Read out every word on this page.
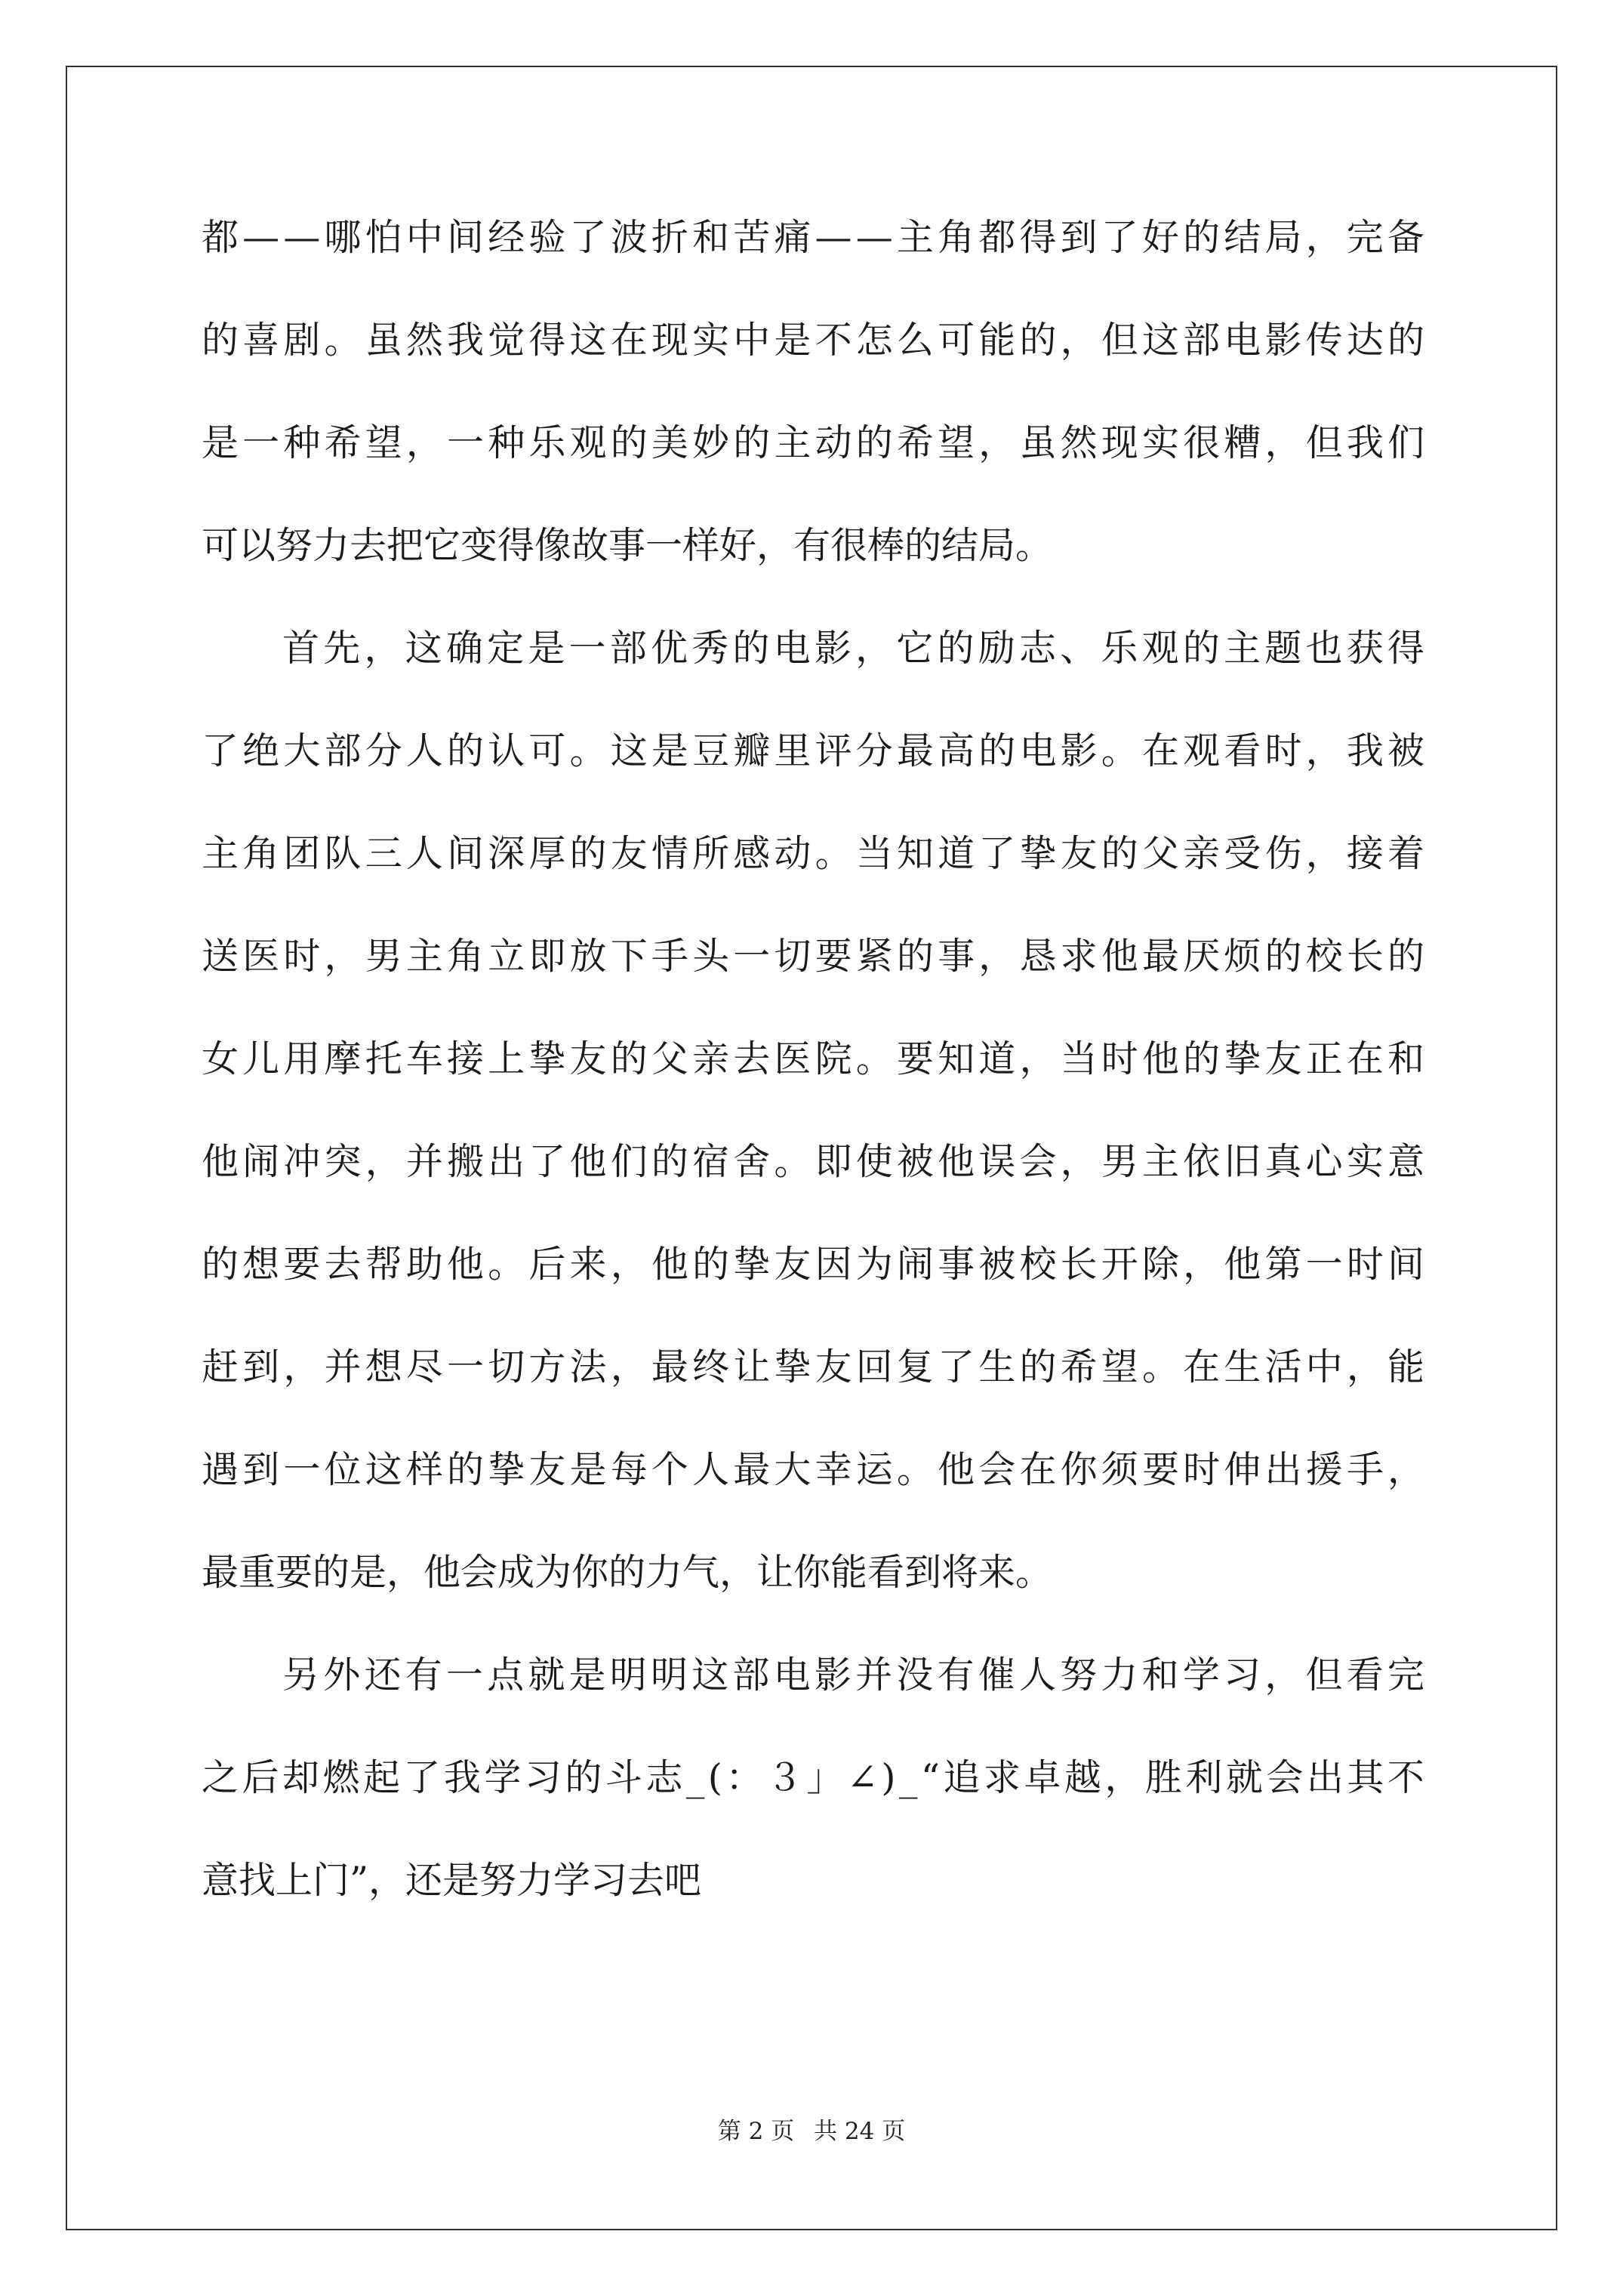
都 — — 哪 怕 中 间 经 验 了 波 折 和 苦 痛 — — 主 角 都 得 到 了 好 的 结 局 ， 完 备
的 喜 剧 。 虽 然 我 觉 得 这 在 现 实 中 是 不 怎 么 可 能 的 ， 但 这 部 电 影 传 达 的
是 一 种 希 望 ， 一 种 乐 观 的 美 妙 的 主 动 的 希 望 ， 虽 然 现 实 很 糟 ， 但 我 们
可以努力去把它变得像故事一样好，有很棒的结局。
首 先 ， 这 确 定 是 一 部 优 秀 的 电 影 ， 它 的 励 志 、 乐 观 的 主 题 也 获 得
了 绝 大 部 分 人 的 认 可 。 这 是 豆 瓣 里 评 分 最 高 的 电 影 。 在 观 看 时 ， 我 被
主 角 团 队 三 人 间 深 厚 的 友 情 所 感 动 。 当 知 道 了 挚 友 的 父 亲 受 伤 ， 接 着
送 医 时 ， 男 主 角 立 即 放 下 手 头 一 切 要 紧 的 事 ， 恳 求 他 最 厌 烦 的 校 长 的
女 儿 用 摩 托 车 接 上 挚 友 的 父 亲 去 医 院 。 要 知 道 ， 当 时 他 的 挚 友 正 在 和
他 闹 冲 突 ， 并 搬 出 了 他 们 的 宿 舍 。 即 使 被 他 误 会 ， 男 主 依 旧 真 心 实 意
的 想 要 去 帮 助 他 。 后 来 ， 他 的 挚 友 因 为 闹 事 被 校 长 开 除 ， 他 第 一 时 间
赶 到 ， 并 想 尽 一 切 方 法 ， 最 终 让 挚 友 回 复 了 生 的 希 望 。 在 生 活 中 ， 能
遇 到 一 位 这 样 的 挚 友 是 每 个 人 最 大 幸 运 。 他 会 在 你 须 要 时 伸 出 援 手 ，
最重要的是，他会成为你的力气，让你能看到将来。
另 外 还 有 一 点 就 是 明 明 这 部 电 影 并 没 有 催 人 努 力 和 学 习 ， 但 看 完
之 后 却 燃 起 了 我 学 习 的 斗 志 _ ( ： ３ 」 ∠ ) _ “ 追 求 卓 越 ， 胜 利 就 会 出 其 不
意找上门”，还是努力学习去吧
第 2 页 共 24 页
